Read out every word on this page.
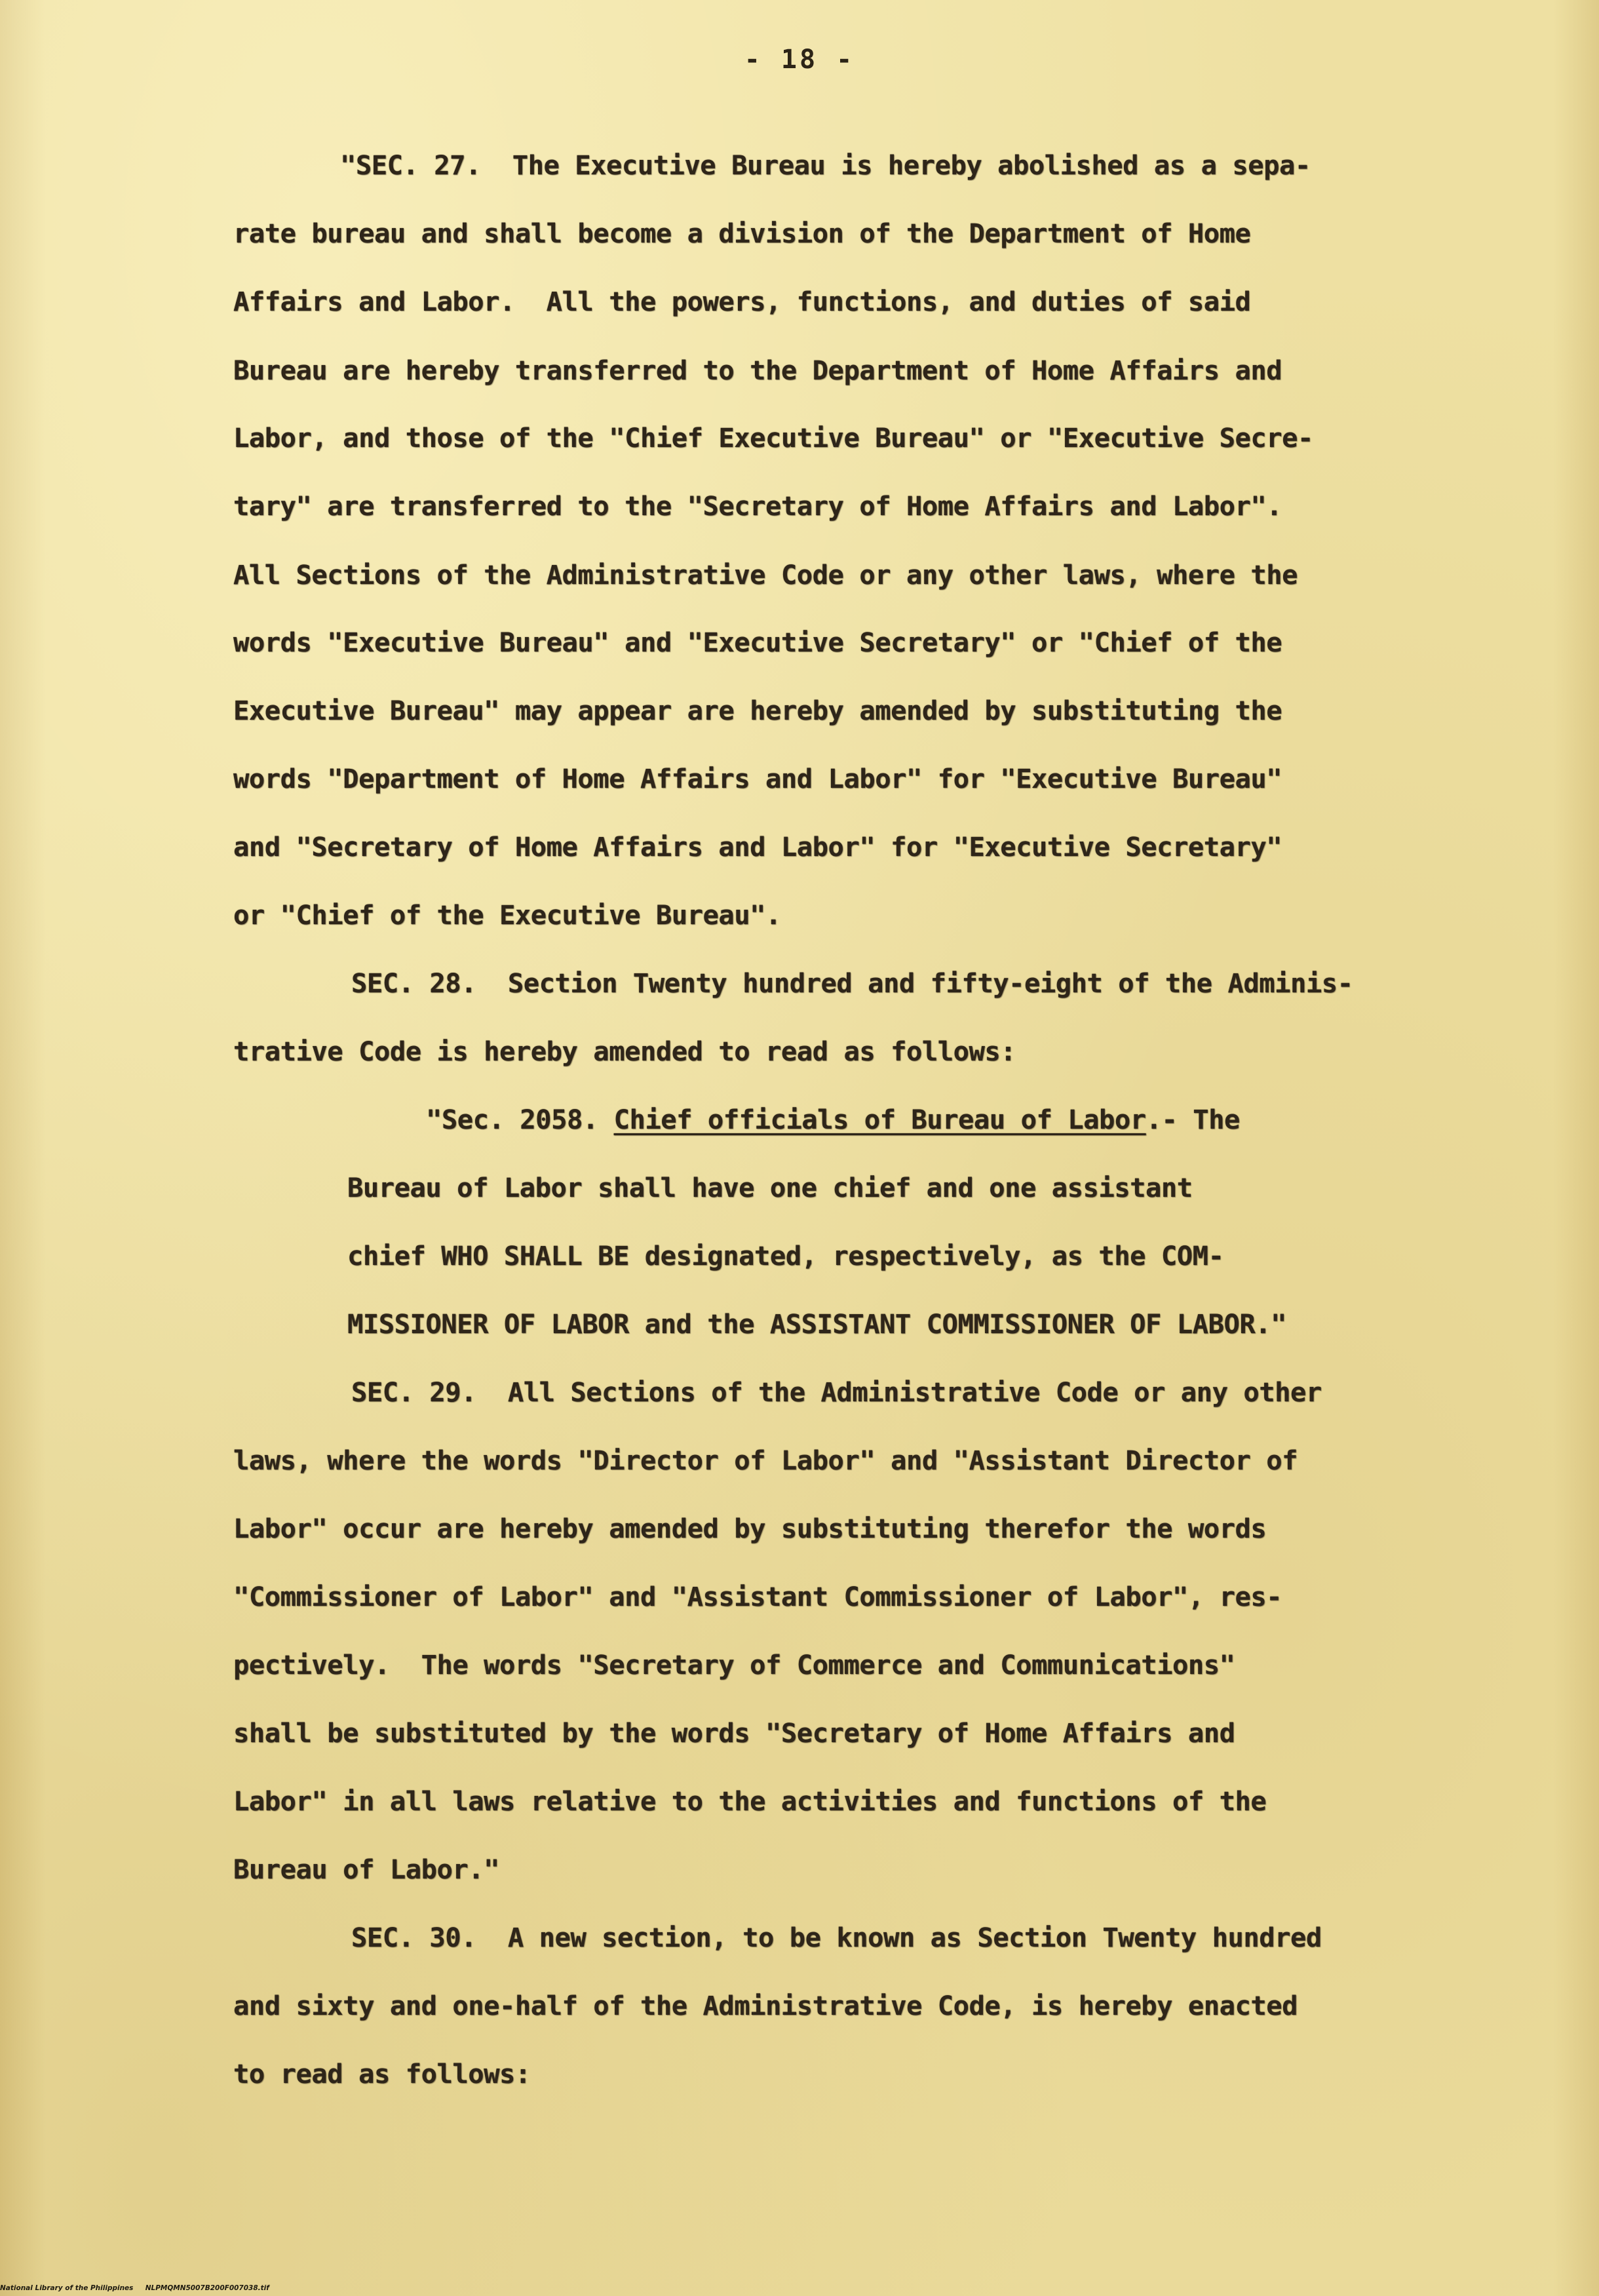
- 18 -
"SEC. 27.  The Executive Bureau is hereby abolished as a sepa-
rate bureau and shall become a division of the Department of Home
Affairs and Labor.  All the powers, functions, and duties of said
Bureau are hereby transferred to the Department of Home Affairs and
Labor, and those of the "Chief Executive Bureau" or "Executive Secre-
tary" are transferred to the "Secretary of Home Affairs and Labor".
All Sections of the Administrative Code or any other laws, where the
words "Executive Bureau" and "Executive Secretary" or "Chief of the
Executive Bureau" may appear are hereby amended by substituting the
words "Department of Home Affairs and Labor" for "Executive Bureau"
and "Secretary of Home Affairs and Labor" for "Executive Secretary"
or "Chief of the Executive Bureau".
SEC. 28.  Section Twenty hundred and fifty-eight of the Adminis-
trative Code is hereby amended to read as follows:
"Sec. 2058. Chief officials of Bureau of Labor.- The
Bureau of Labor shall have one chief and one assistant
chief WHO SHALL BE designated, respectively, as the COM-
MISSIONER OF LABOR and the ASSISTANT COMMISSIONER OF LABOR."
SEC. 29.  All Sections of the Administrative Code or any other
laws, where the words "Director of Labor" and "Assistant Director of
Labor" occur are hereby amended by substituting therefor the words
"Commissioner of Labor" and "Assistant Commissioner of Labor", res-
pectively.  The words "Secretary of Commerce and Communications"
shall be substituted by the words "Secretary of Home Affairs and
Labor" in all laws relative to the activities and functions of the
Bureau of Labor."
SEC. 30.  A new section, to be known as Section Twenty hundred
and sixty and one-half of the Administrative Code, is hereby enacted
to read as follows:
National Library of the Philippines NLPMQMN5007B200F007038.tif
